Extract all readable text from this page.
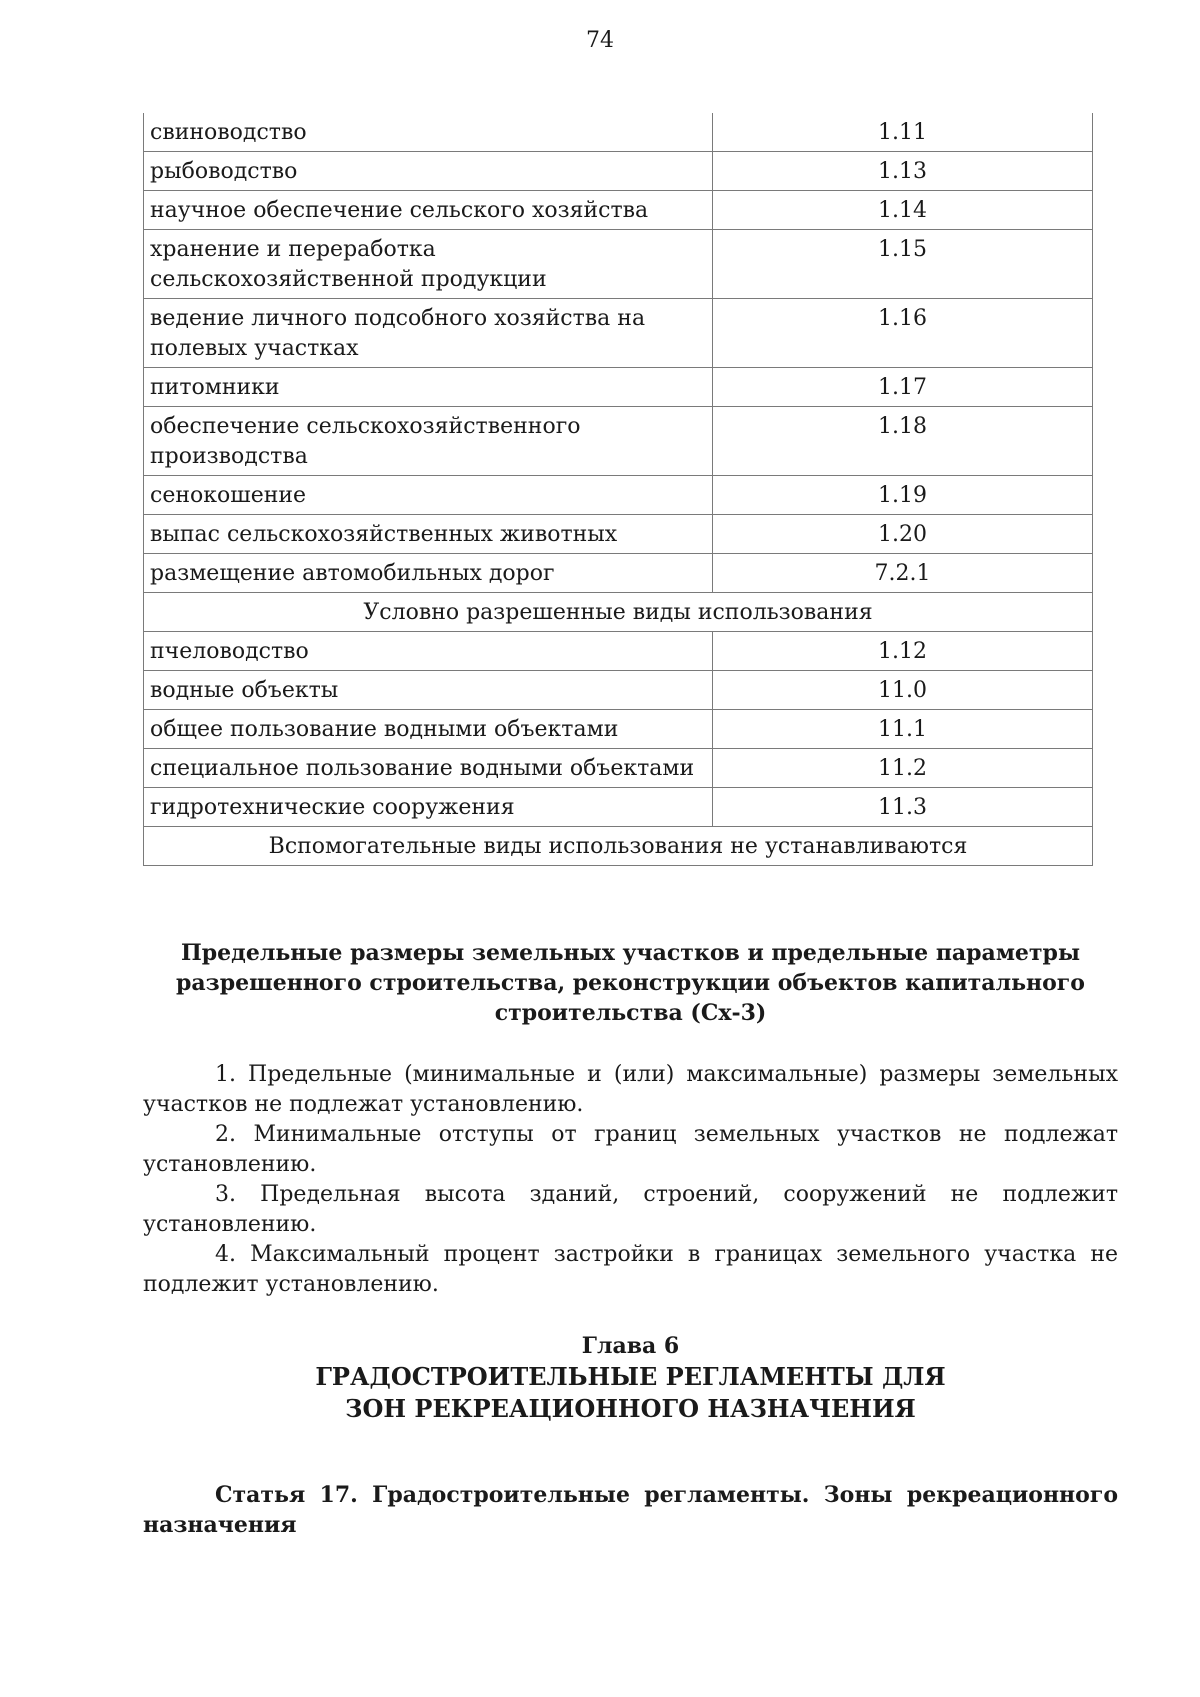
74
свиноводство	1.11
рыбоводство	1.13
научное обеспечение сельского хозяйства	1.14
хранение и переработка сельскохозяйственной продукции	1.15
ведение личного подсобного хозяйства на полевых участках	1.16
питомники	1.17
обеспечение сельскохозяйственного производства	1.18
сенокошение	1.19
выпас сельскохозяйственных животных	1.20
размещение автомобильных дорог	7.2.1
Условно разрешенные виды использования	
пчеловодство	1.12
водные объекты	11.0
общее пользование водными объектами	11.1
специальное пользование водными объектами	11.2
гидротехнические сооружения	11.3
Вспомогательные виды использования не устанавливаются	
Предельные размеры земельных участков и предельные параметры разрешенного строительства, реконструкции объектов капитального строительства (Сх-3)

1. Предельные (минимальные и (или) максимальные) размеры земельных участков не подлежат установлению.

2. Минимальные отступы от границ земельных участков не подлежат установлению.

3. Предельная высота зданий, строений, сооружений не подлежит установлению.

4. Максимальный процент застройки в границах земельного участка не подлежит установлению.

Глава 6
ГРАДОСТРОИТЕЛЬНЫЕ РЕГЛАМЕНТЫ ДЛЯ
ЗОН РЕКРЕАЦИОННОГО НАЗНАЧЕНИЯ
Статья 17. Градостроительные регламенты. Зоны рекреационного назначения
